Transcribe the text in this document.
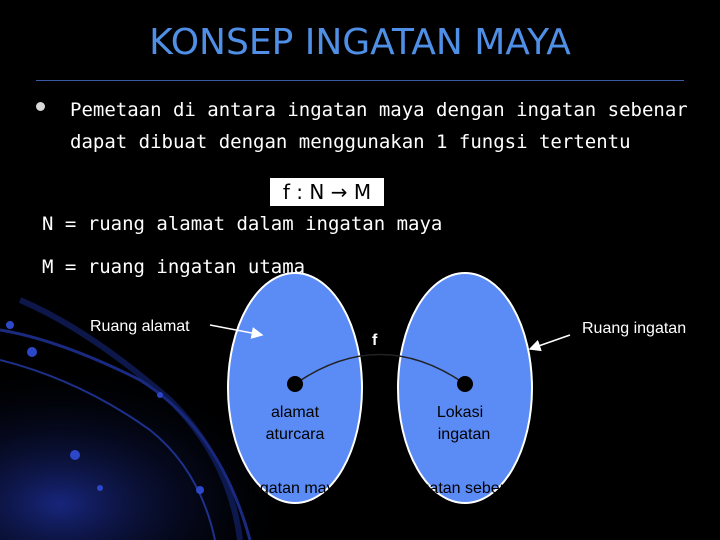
KONSEP INGATAN MAYA
Pemetaan di antara ingatan maya dengan ingatan sebenar dapat dibuat dengan menggunakan 1 fungsi tertentu
f : N → M
N = ruang alamat dalam ingatan maya
M = ruang ingatan utama
Ruang alamat	Ruang ingatan
f
alamat
aturcara
Lokasi
ingatan
Ingatan maya	Ingatan sebenar
